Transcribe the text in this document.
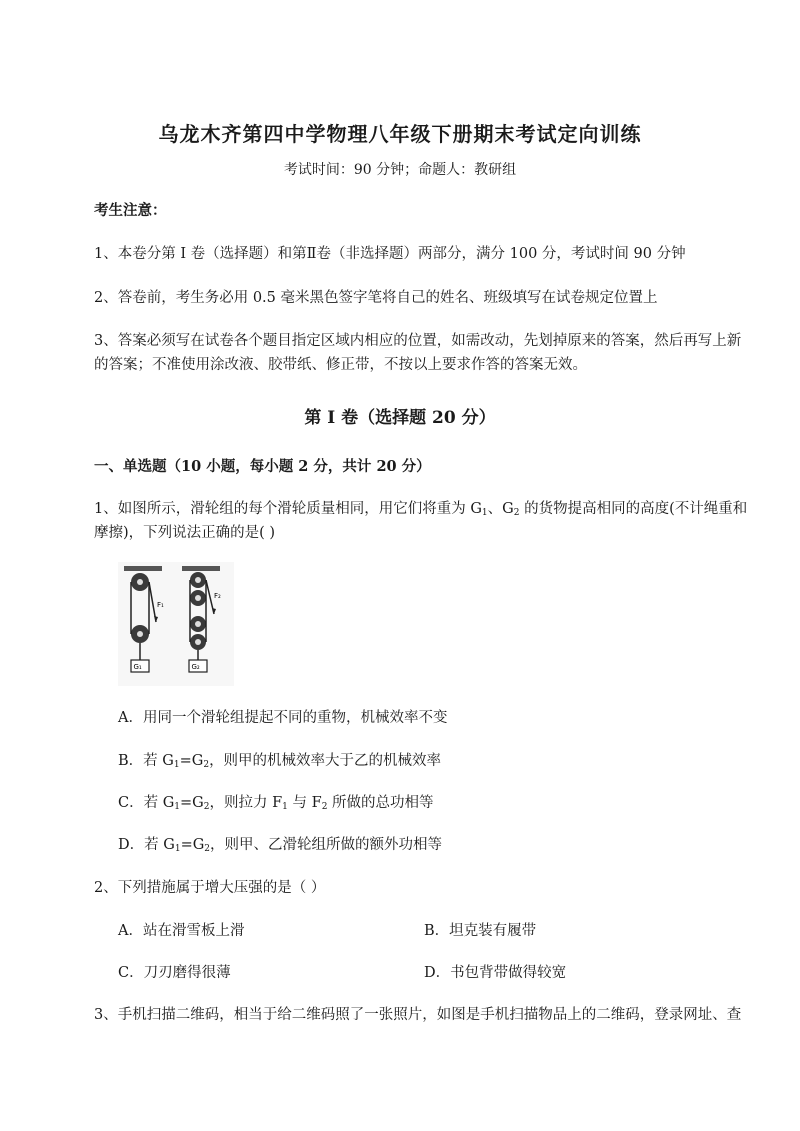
乌龙木齐第四中学物理八年级下册期末考试定向训练
考试时间：90 分钟；命题人：教研组
考生注意：
1、本卷分第 I 卷（选择题）和第Ⅱ卷（非选择题）两部分，满分 100 分，考试时间 90 分钟
2、答卷前，考生务必用 0.5 毫米黑色签字笔将自己的姓名、班级填写在试卷规定位置上
3、答案必须写在试卷各个题目指定区域内相应的位置，如需改动，先划掉原来的答案，然后再写上新
的答案；不准使用涂改液、胶带纸、修正带，不按以上要求作答的答案无效。
第 I 卷（选择题 20 分）
一、单选题（10 小题，每小题 2 分，共计 20 分）
1、如图所示，滑轮组的每个滑轮质量相同，用它们将重为 $G_1$、$G_2$ 的货物提高相同的高度(不计绳重和
摩擦)，下列说法正确的是( )
G₁
F₁
G₂
F₂
A．用同一个滑轮组提起不同的重物，机械效率不变
B．若 $G_1=G_2$，则甲的机械效率大于乙的机械效率
C．若 $G_1=G_2$，则拉力 $F_1$ 与 $F_2$ 所做的总功相等
D．若 $G_1=G_2$，则甲、乙滑轮组所做的额外功相等
2、下列措施属于增大压强的是（ ）
A．站在滑雪板上滑	B．坦克装有履带
C．刀刃磨得很薄	D．书包背带做得较宽
3、手机扫描二维码，相当于给二维码照了一张照片，如图是手机扫描物品上的二维码，登录网址、查
